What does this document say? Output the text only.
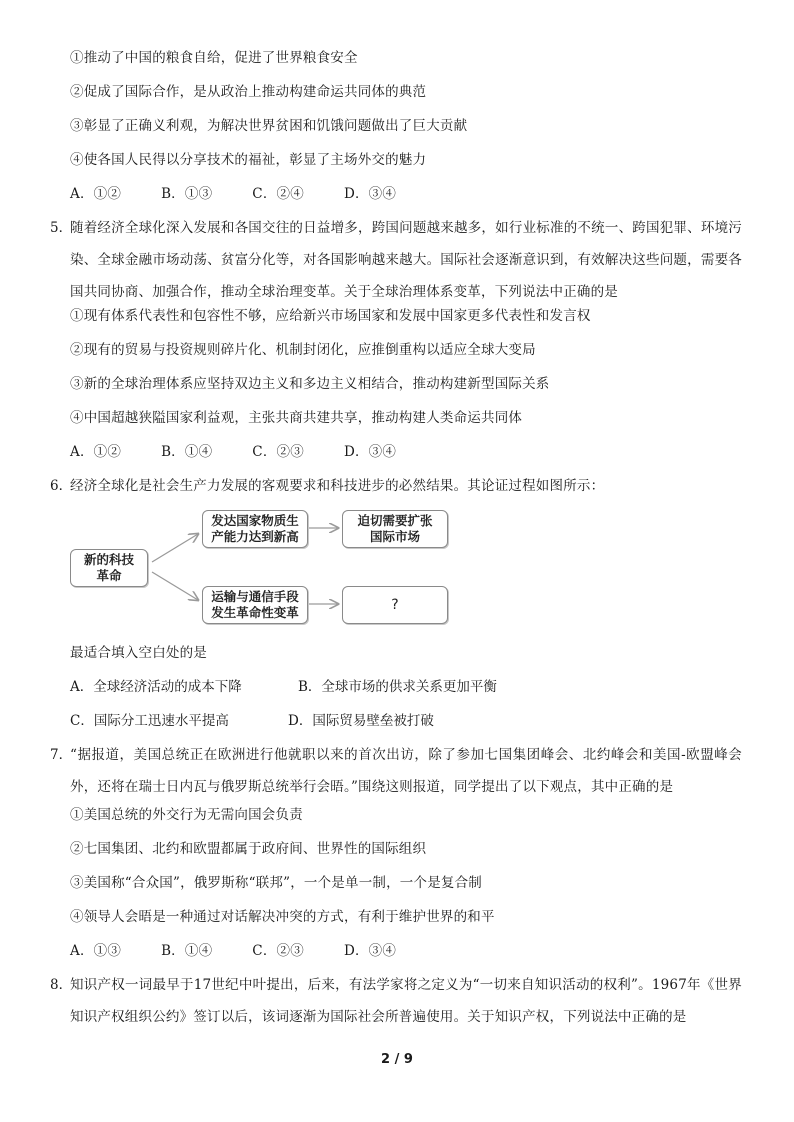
①推动了中国的粮食自给，促进了世界粮食安全
②促成了国际合作，是从政治上推动构建命运共同体的典范
③彰显了正确义利观，为解决世界贫困和饥饿问题做出了巨大贡献
④使各国人民得以分享技术的福祉，彰显了主场外交的魅力
A．①②	B．①③	C．②④	D．③④
5．
随着经济全球化深入发展和各国交往的日益增多，跨国问题越来越多，如行业标准的不统一、跨国犯罪、环境污染、全球金融市场动荡、贫富分化等，对各国影响越来越大。国际社会逐渐意识到，有效解决这些问题，需要各国共同协商、加强合作，推动全球治理变革。关于全球治理体系变革，下列说法中正确的是
①现有体系代表性和包容性不够，应给新兴市场国家和发展中国家更多代表性和发言权
②现有的贸易与投资规则碎片化、机制封闭化，应推倒重构以适应全球大变局
③新的全球治理体系应坚持双边主义和多边主义相结合，推动构建新型国际关系
④中国超越狭隘国家利益观，主张共商共建共享，推动构建人类命运共同体
A．①②	B．①④	C．②③	D．③④
6．
经济全球化是社会生产力发展的客观要求和科技进步的必然结果。其论证过程如图所示：
新的科技
革命
发达国家物质生
产能力达到新高
迫切需要扩张
国际市场
运输与通信手段
发生革命性变革	?
最适合填入空白处的是
A．全球经济活动的成本下降	B．全球市场的供求关系更加平衡
C．国际分工迅速水平提高	D．国际贸易壁垒被打破
7．
“据报道，美国总统正在欧洲进行他就职以来的首次出访，除了参加七国集团峰会、北约峰会和美国-欧盟峰会外，还将在瑞士日内瓦与俄罗斯总统举行会晤。”围绕这则报道，同学提出了以下观点，其中正确的是
①美国总统的外交行为无需向国会负责
②七国集团、北约和欧盟都属于政府间、世界性的国际组织
③美国称“合众国”，俄罗斯称“联邦”，一个是单一制，一个是复合制
④领导人会晤是一种通过对话解决冲突的方式，有利于维护世界的和平
A．①③	B．①④	C．②③	D．③④
8．
知识产权一词最早于17世纪中叶提出，后来，有法学家将之定义为“一切来自知识活动的权利”。1967年《世界知识产权组织公约》签订以后，该词逐渐为国际社会所普遍使用。关于知识产权，下列说法中正确的是
2 / 9
